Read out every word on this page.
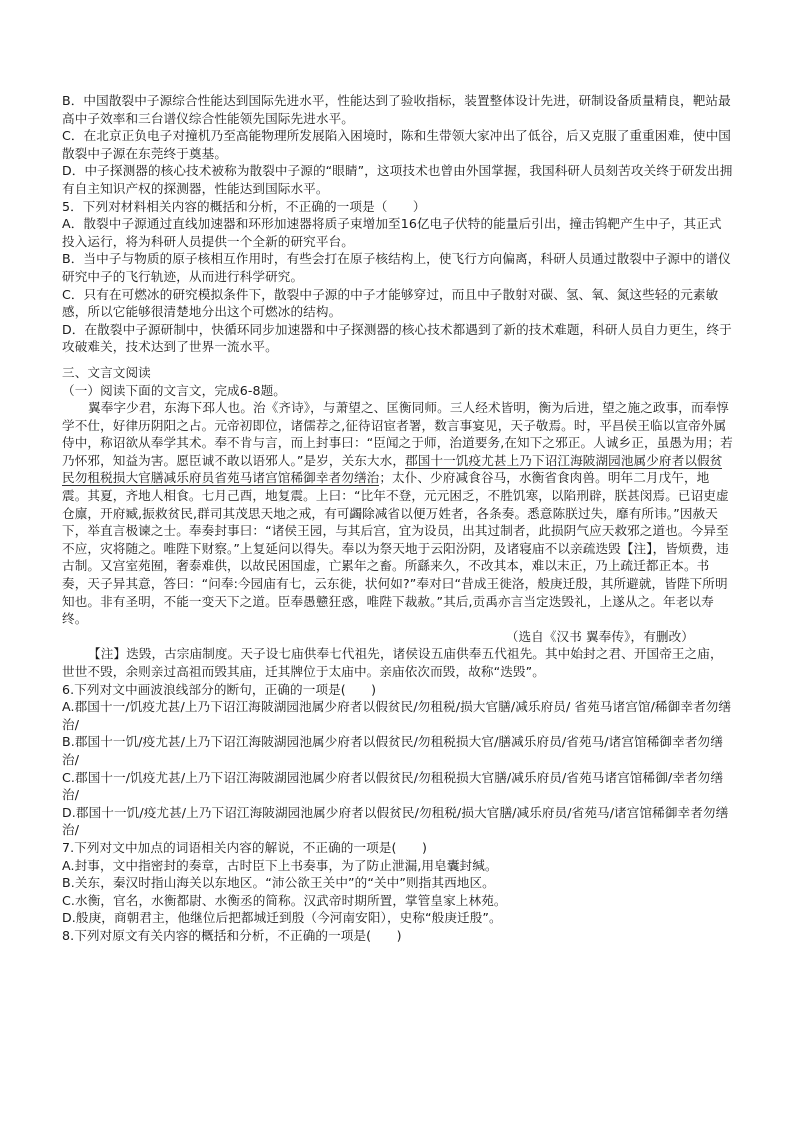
B．中国散裂中子源综合性能达到国际先进水平，性能达到了验收指标，装置整体设计先进，研制设备质量精良，靶站最高中子效率和三台谱仪综合性能领先国际先进水平。

C．在北京正负电子对撞机乃至高能物理所发展陷入困境时，陈和生带领大家冲出了低谷，后又克服了重重困难，使中国散裂中子源在东莞终于奠基。

D．中子探测器的核心技术被称为散裂中子源的“眼睛”，这项技术也曾由外国掌握，我国科研人员刻苦攻关终于研发出拥有自主知识产权的探测器，性能达到国际水平。

5．下列对材料相关内容的概括和分析，不正确的一项是（　　）

A．散裂中子源通过直线加速器和环形加速器将质子束增加至16亿电子伏特的能量后引出，撞击钨靶产生中子，其正式投入运行，将为科研人员提供一个全新的研究平台。

B．当中子与物质的原子核相互作用时，有些会打在原子核结构上，使飞行方向偏离，科研人员通过散裂中子源中的谱仪研究中子的飞行轨迹，从而进行科学研究。

C．只有在可燃冰的研究模拟条件下，散裂中子源的中子才能够穿过，而且中子散射对碳、氢、氧、氮这些轻的元素敏感，所以它能够很清楚地分出这个可燃冰的结构。

D．在散裂中子源研制中，快循环同步加速器和中子探测器的核心技术都遇到了新的技术难题，科研人员自力更生，终于攻破难关，技术达到了世界一流水平。

三、文言文阅读

（一）阅读下面的文言文，完成6-8题。

翼奉字少君，东海下邳人也。治《齐诗》，与萧望之、匡衡同师。三人经术皆明，衡为后进，望之施之政事，而奉惇学不仕，好律历阴阳之占。元帝初即位，诸儒荐之,征待诏宦者署，数言事宴见，天子敬焉。时，平昌侯王临以宣帝外属侍中，称诏欲从奉学其术。奉不肯与言，而上封事曰：“臣闻之于师，治道要务,在知下之邪正。人诚乡正，虽愚为用；若乃怀邪，知益为害。愿臣诚不敢以语邪人。”是岁，关东大水，郡国十一饥疫尤甚上乃下诏江海陂湖园池属少府者以假贫民勿租税损大官膳减乐府员省苑马诸宫馆稀御幸者勿缮治；太仆、少府减食谷马，水衡省食肉兽。明年二月戊午，地震。其夏，齐地人相食。七月己酉，地复震。上曰：“比年不登，元元困乏，不胜饥寒，以陷刑辟，朕甚闵焉。已诏吏虚仓廪，开府臧,振救贫民,群司其茂思天地之戒，有可蠲除减省以便万姓者，各条奏。悉意陈朕过失，靡有所讳。”因赦天下，举直言极谏之士。奉奏封事曰：“诸侯王园，与其后宫，宜为设员，出其过制者，此损阴气应天救邪之道也。今异至不应，灾将随之。唯陛下财察。”上复延问以得失。奉以为祭天地于云阳汾阴，及诸寝庙不以亲疏迭毁【注】，皆烦费，违古制。又宫室苑囿，奢泰难供，以故民困国虚，亡累年之畜。所繇来久，不改其本，难以末正，乃上疏迁都正本。书奏，天子异其意，答曰：“问奉:今园庙有七，云东徙，状何如?”奉对曰“昔成王徙洛，般庚迁殷，其所避就，皆陛下所明知也。非有圣明，不能一变天下之道。臣奉愚戆狂惑，唯陛下裁赦。”其后,贡禹亦言当定迭毁礼，上遂从之。年老以寿终。

（选自《汉书 翼奉传》，有删改）

【注】迭毁，古宗庙制度。天子设七庙供奉七代祖先，诸侯设五庙供奉五代祖先。其中始封之君、开国帝王之庙，世世不毁，余则亲过高祖而毁其庙，迁其牌位于太庙中。亲庙依次而毁，故称“迭毁”。

6.下列对文中画波浪线部分的断句，正确的一项是(　　)

A.郡国十一/饥疫尤甚/上乃下诏江海陂湖园池属少府者以假贫民/勿租税/损大官膳/减乐府员/ 省苑马诸宫馆/稀御幸者勿缮治/

B.郡国十一饥/疫尤甚/上乃下诏江海陂湖园池属少府者以假贫民/勿租税损大官/膳减乐府员/省苑马/诸宫馆稀御幸者勿缮治/

C.郡国十一/饥疫尤甚/上乃下诏江海陂湖园池属少府者以假贫民/勿租税损大官膳/减乐府员/省苑马诸宫馆稀御/幸者勿缮治/

D.郡国十一饥/疫尤甚/上乃下诏江海陂湖园池属少府者以假贫民/勿租税/损大官膳/减乐府员/省苑马/诸宫馆稀御幸者勿缮治/

7.下列对文中加点的词语相关内容的解说，不正确的一项是(　　)

A.封事，文中指密封的奏章，古时臣下上书奏事，为了防止泄漏,用皂囊封缄。

B.关东，秦汉时指山海关以东地区。“沛公欲王关中”的“关中”则指其西地区。

C.水衡，官名，水衡都尉、水衡丞的简称。汉武帝时期所置，掌管皇家上林苑。

D.般庚，商朝君主，他继位后把都城迁到殷（今河南安阳），史称“般庚迁殷”。

8.下列对原文有关内容的概括和分析，不正确的一项是(　　)
